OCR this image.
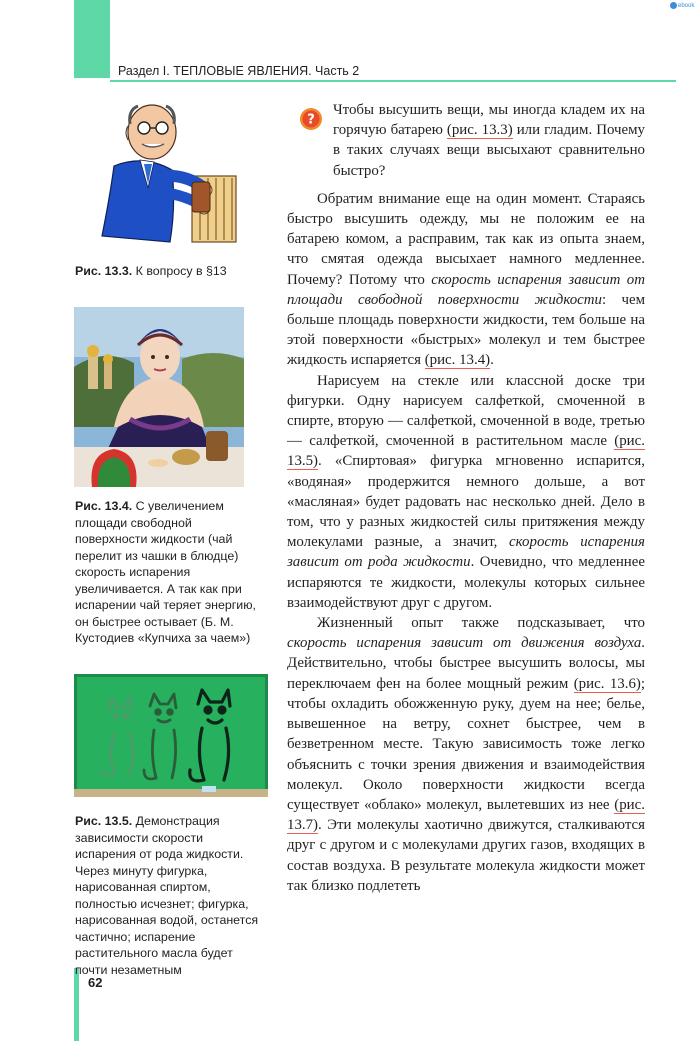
ebook
Раздел I. ТЕПЛОВЫЕ ЯВЛЕНИЯ. Часть 2
Рис. 13.3. К вопросу в §13
Рис. 13.4. С увеличением площади свободной поверхности жидкости (чай перелит из чашки в блюдце) скорость испарения увеличивается. А так как при испарении чай теряет энергию, он быстрее остывает (Б. М. Кустодиев «Купчиха за чаем»)
Рис. 13.5. Демонстрация зависимости скорости испарения от рода жидкости. Через минуту фигурка, нарисованная спиртом, полностью исчезнет; фигурка, нарисованная водой, останется частично; испарение растительного масла будет почти незаметным
62
?

Чтобы высушить вещи, мы иногда кладем их на горячую батарею (рис. 13.3) или гладим. Почему в таких случаях вещи высыхают сравнительно быстро?

Обратим внимание еще на один момент. Стараясь быстро высушить одежду, мы не положим ее на батарею комом, а расправим, так как из опыта знаем, что смятая одежда высыхает намного медленнее. Почему? Потому что скорость испарения зависит от площади свободной поверхности жидкости: чем больше площадь поверхности жидкости, тем больше на этой поверхности «быстрых» молекул и тем быстрее жидкость испаряется (рис. 13.4).

Нарисуем на стекле или классной доске три фигурки. Одну нарисуем салфеткой, смоченной в спирте, вторую — салфеткой, смоченной в воде, третью — салфеткой, смоченной в растительном масле (рис. 13.5). «Спиртовая» фигурка мгновенно испарится, «водяная» продержится немного дольше, а вот «масляная» будет радовать нас несколько дней. Дело в том, что у разных жидкостей силы притяжения между молекулами разные, а значит, скорость испарения зависит от рода жидкости. Очевидно, что медленнее испаряются те жидкости, молекулы которых сильнее взаимодействуют друг с другом.

Жизненный опыт также подсказывает, что скорость испарения зависит от движения воздуха. Действительно, чтобы быстрее высушить волосы, мы переключаем фен на более мощный режим (рис. 13.6); чтобы охладить обожженную руку, дуем на нее; белье, вывешенное на ветру, сохнет быстрее, чем в безветренном месте. Такую зависимость тоже легко объяснить с точки зрения движения и взаимодействия молекул. Около поверхности жидкости всегда существует «облако» молекул, вылетевших из нее (рис. 13.7). Эти молекулы хаотично движутся, сталкиваются друг с другом и с молекулами других газов, входящих в состав воздуха. В результате молекула жидкости может так близко подлететь
